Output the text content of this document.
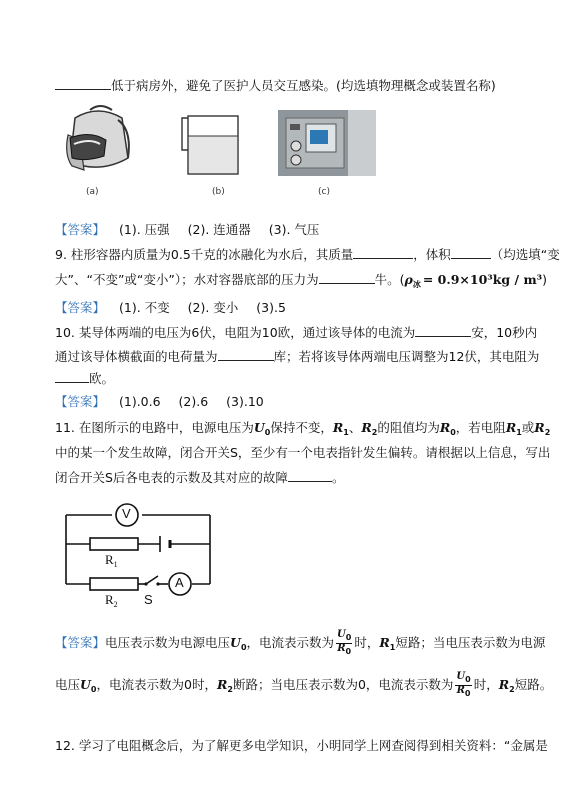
低于病房外，避免了医护人员交互感染。(均选填物理概念或装置名称)
(a)	(b)	(c)
【答案】 (1). 压强 (2). 连通器 (3). 气压
9. 柱形容器内质量为0.5千克的冰融化为水后，其质量	，体积	（均选填“变
大”、“不变”或“变小”）；水对容器底部的压力为	牛。$(\rho_冰 = 0.9\times 10^3kg / m^3)$
【答案】 (1). 不变 (2). 变小 (3).5
10. 某导体两端的电压为6伏，电阻为10欧，通过该导体的电流为	安，10秒内
通过该导体横截面的电荷量为	库；若将该导体两端电压调整为12伏，其电阻为
欧。
【答案】 (1).0.6 (2).6 (3).10
11. 在图所示的电路中，电源电压为$U_0$保持不变，$R_1$、$R_2$的阻值均为$R_0$，若电阻$R_1$或$R_2$
中的某一个发生故障，闭合开关S，至少有一个电表指针发生偏转。请根据以上信息，写出
闭合开关S后各电表的示数及其对应的故障	。
V
A
$R_1$
$R_2$ S
【答案】电压表示数为电源电压$U_0$，电流表示数为 $\frac{U_0}{R_0}$ 时，$R_1$短路；当电压表示数为电源
电压$U_0$，电流表示数为0时，$R_2$断路；当电压表示数为0，电流表示数为 $\frac{U_0}{R_0}$ 时，$R_2$短路。
12. 学习了电阻概念后，为了解更多电学知识，小明同学上网查阅得到相关资料：“金属是
